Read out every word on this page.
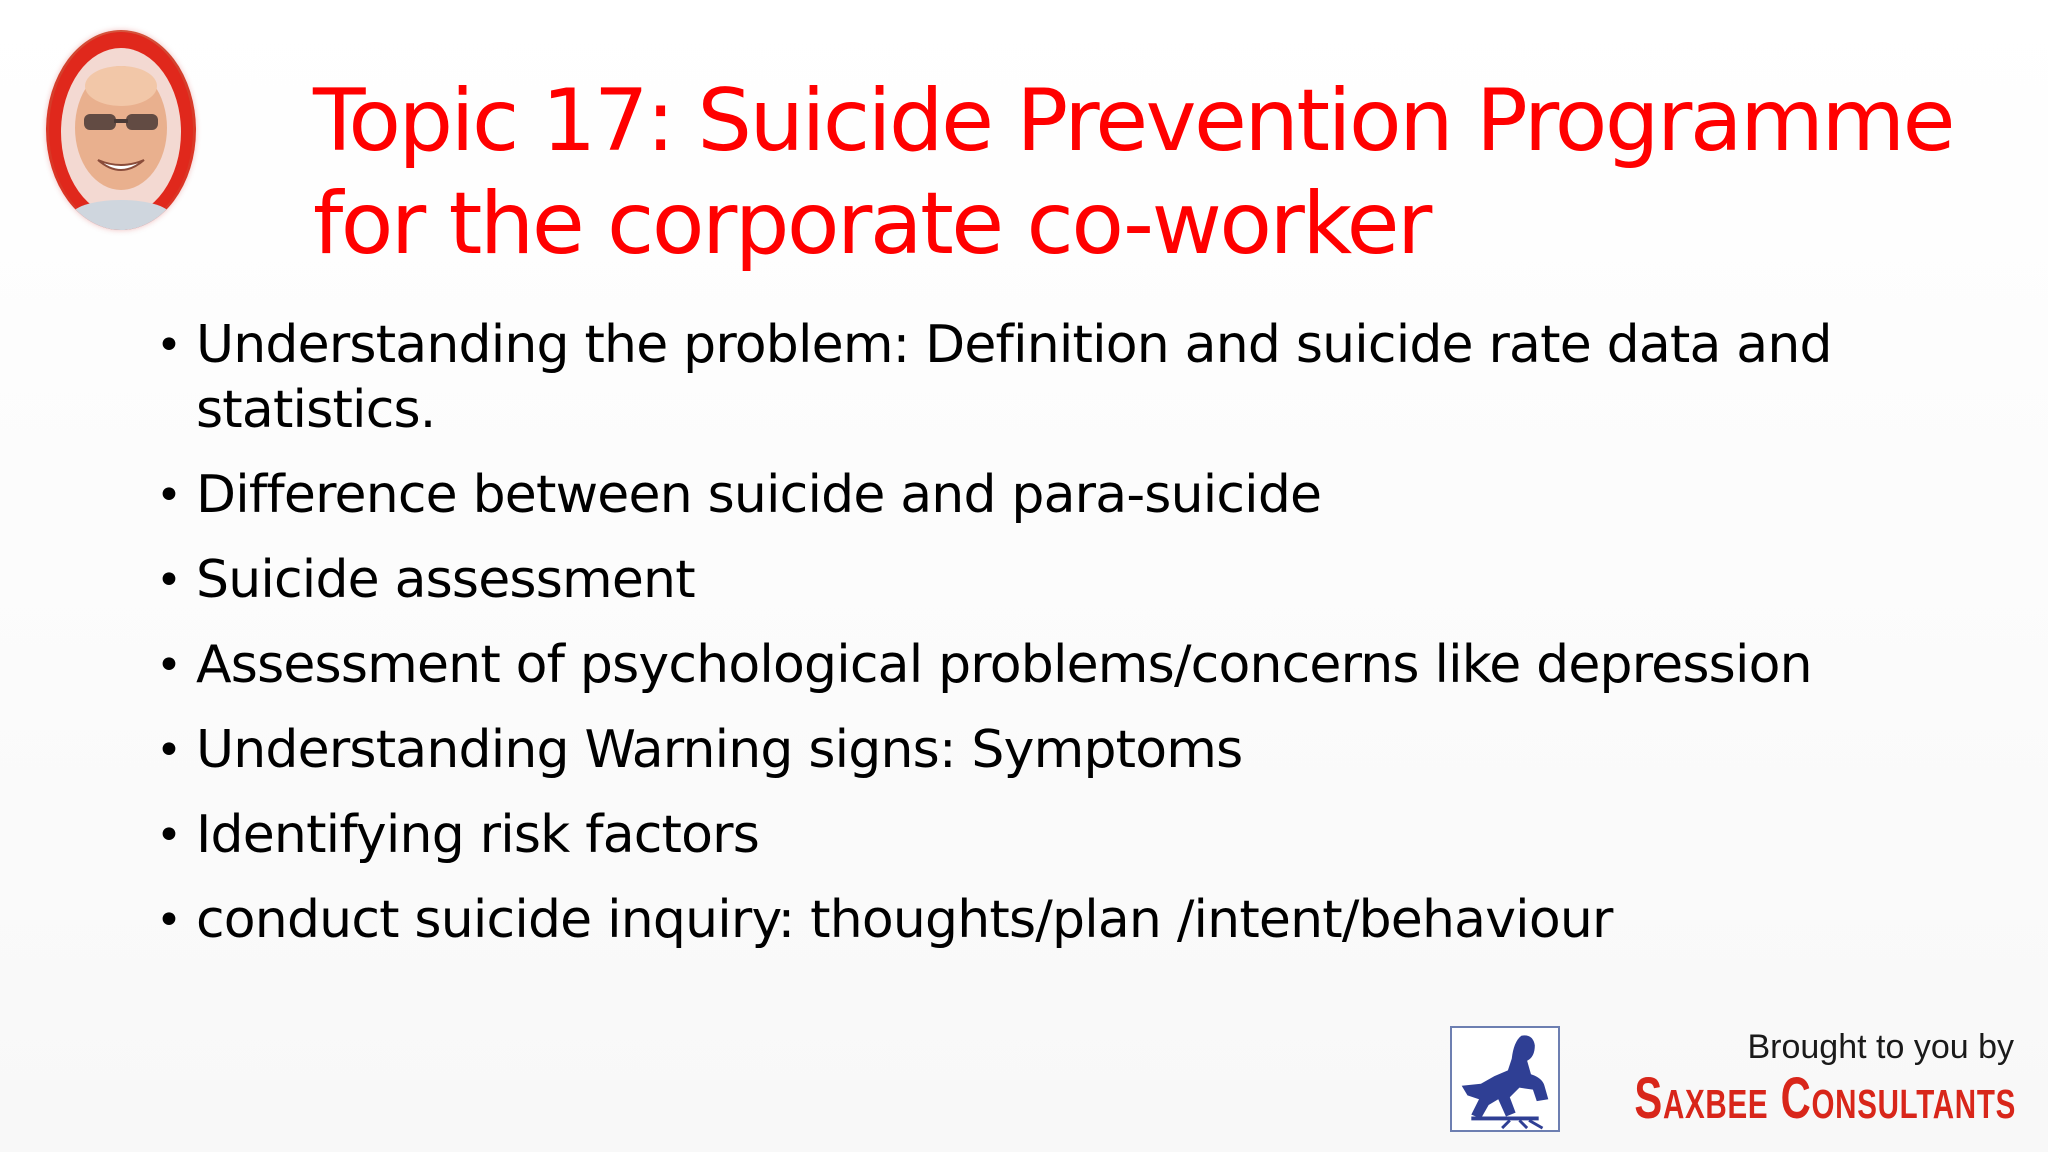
Topic 17: Suicide Prevention Programme for the corporate co-worker
• Understanding the problem: Definition and suicide rate data and statistics.
• Difference between suicide and para-suicide
• Suicide assessment
• Assessment of psychological problems/concerns like depression
• Understanding Warning signs: Symptoms
• Identifying risk factors
• conduct suicide inquiry: thoughts/plan /intent/behaviour
Brought to you by
Saxbee Consultants
